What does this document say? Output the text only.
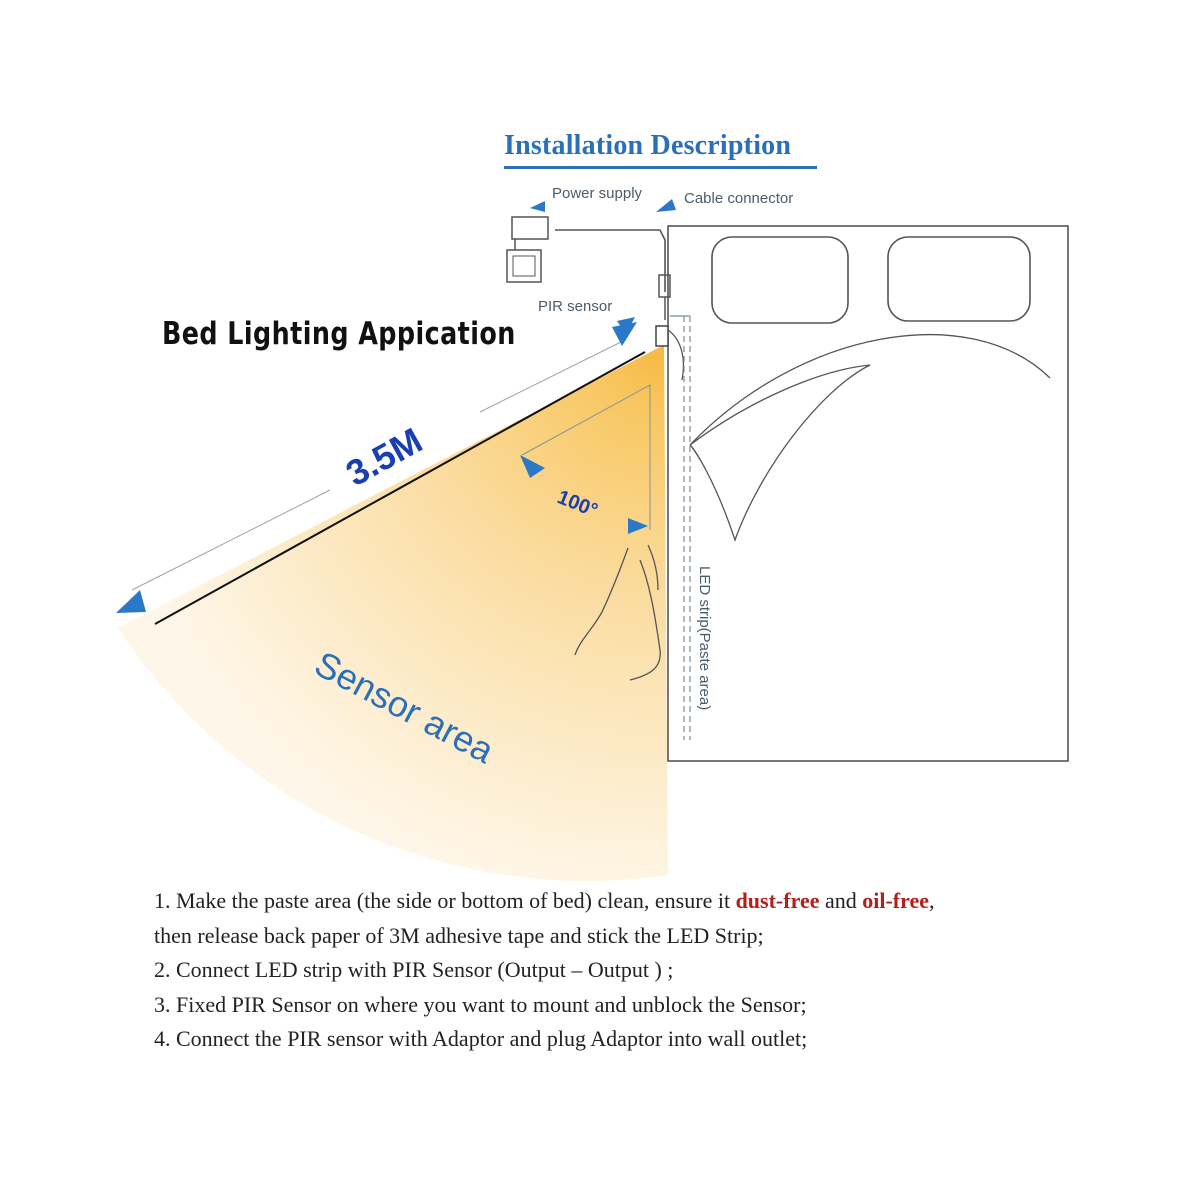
3.5M
100°
Sensor area	LED strip(Paste area)
Installation Description
Power supply	Cable connector
PIR sensor
Bed Lighting Appication

1. Make the paste area (the side or bottom of bed) clean, ensure it dust-free and oil-free,

then release back paper of 3M adhesive tape and stick the LED Strip;

2. Connect LED strip with PIR Sensor (Output – Output ) ;

3. Fixed PIR Sensor on where you want to mount and unblock the Sensor;

4. Connect the PIR sensor with Adaptor and plug Adaptor into wall outlet;
